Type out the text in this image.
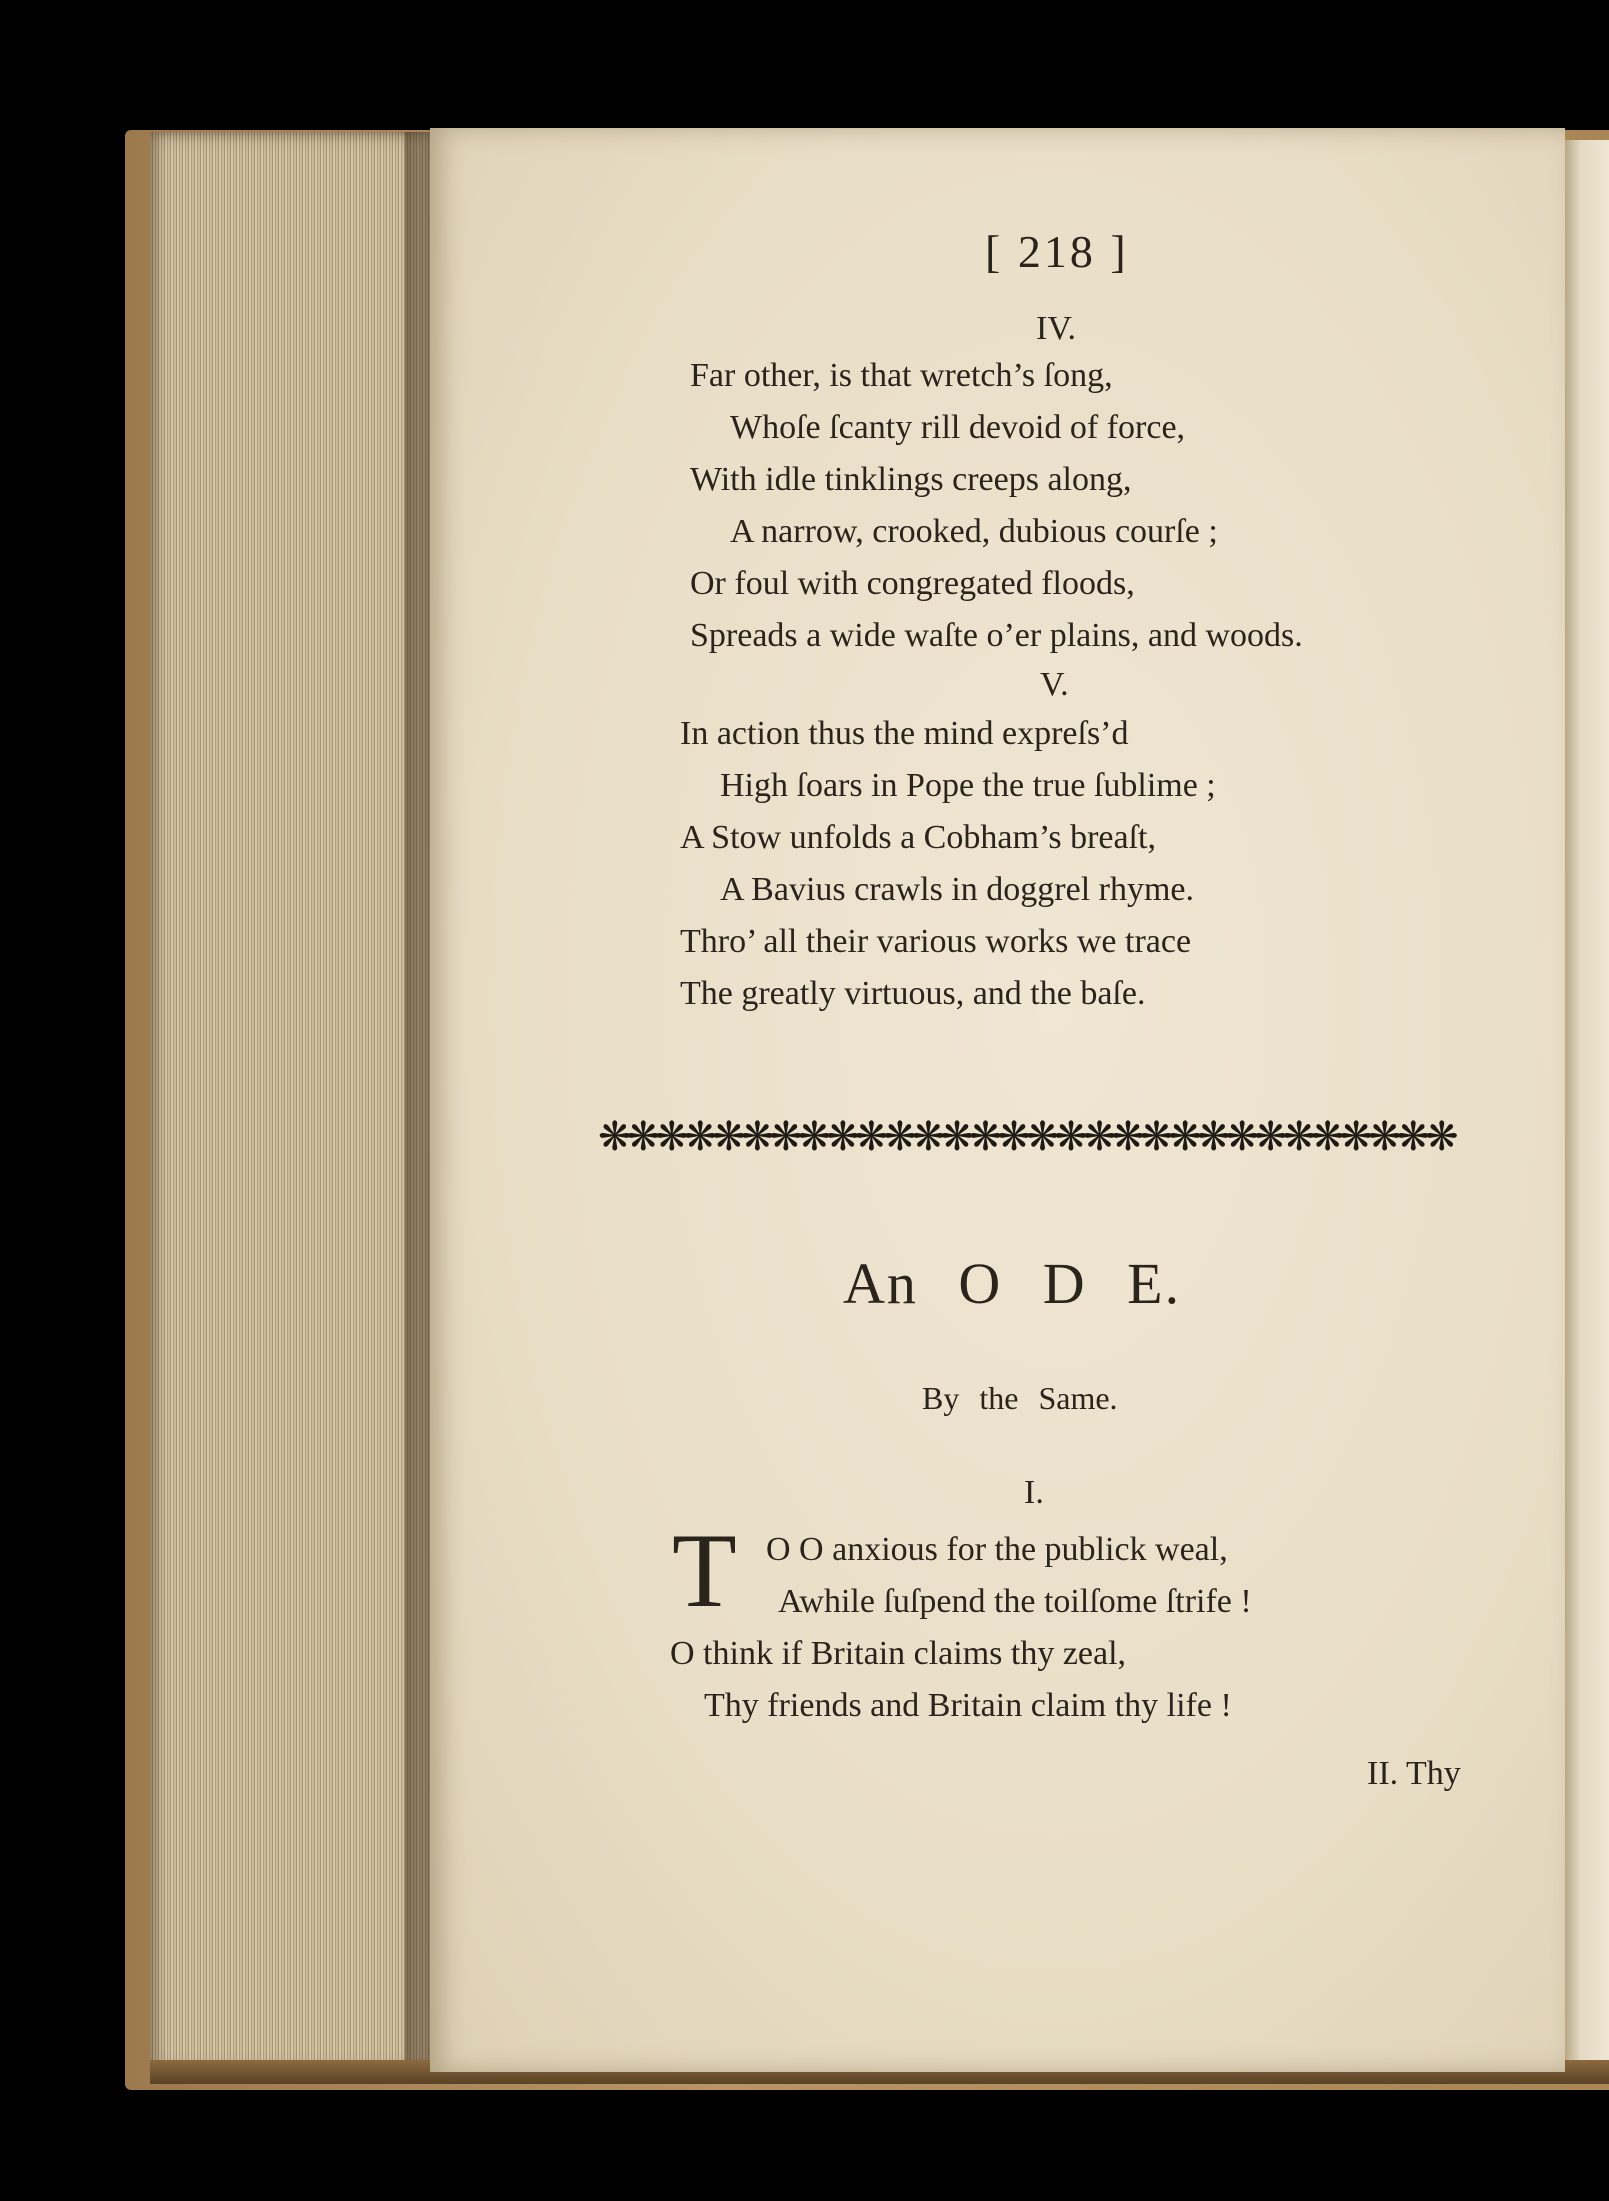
[ 218 ]
IV.
Far other, is that wretch’s ſong,
Whoſe ſcanty rill devoid of force,
With idle tinklings creeps along,
A narrow, crooked, dubious courſe ;
Or foul with congregated floods,
Spreads a wide waſte o’er plains, and woods.
V.
In action thus the mind expreſs’d
High ſoars in Pope the true ſublime ;
A Stow unfolds a Cobham’s breaſt,
A Bavius crawls in doggrel rhyme.
Thro’ all their various works we trace
The greatly virtuous, and the baſe.
❋❋❋❋❋❋❋❋❋❋❋❋❋❋❋❋❋❋❋❋❋❋❋❋❋❋❋❋❋❋
An O D E.
By the Same.
I.
T O O anxious for the publick weal,
Awhile ſuſpend the toilſome ſtrife !
O think if Britain claims thy zeal,
Thy friends and Britain claim thy life !
II. Thy
